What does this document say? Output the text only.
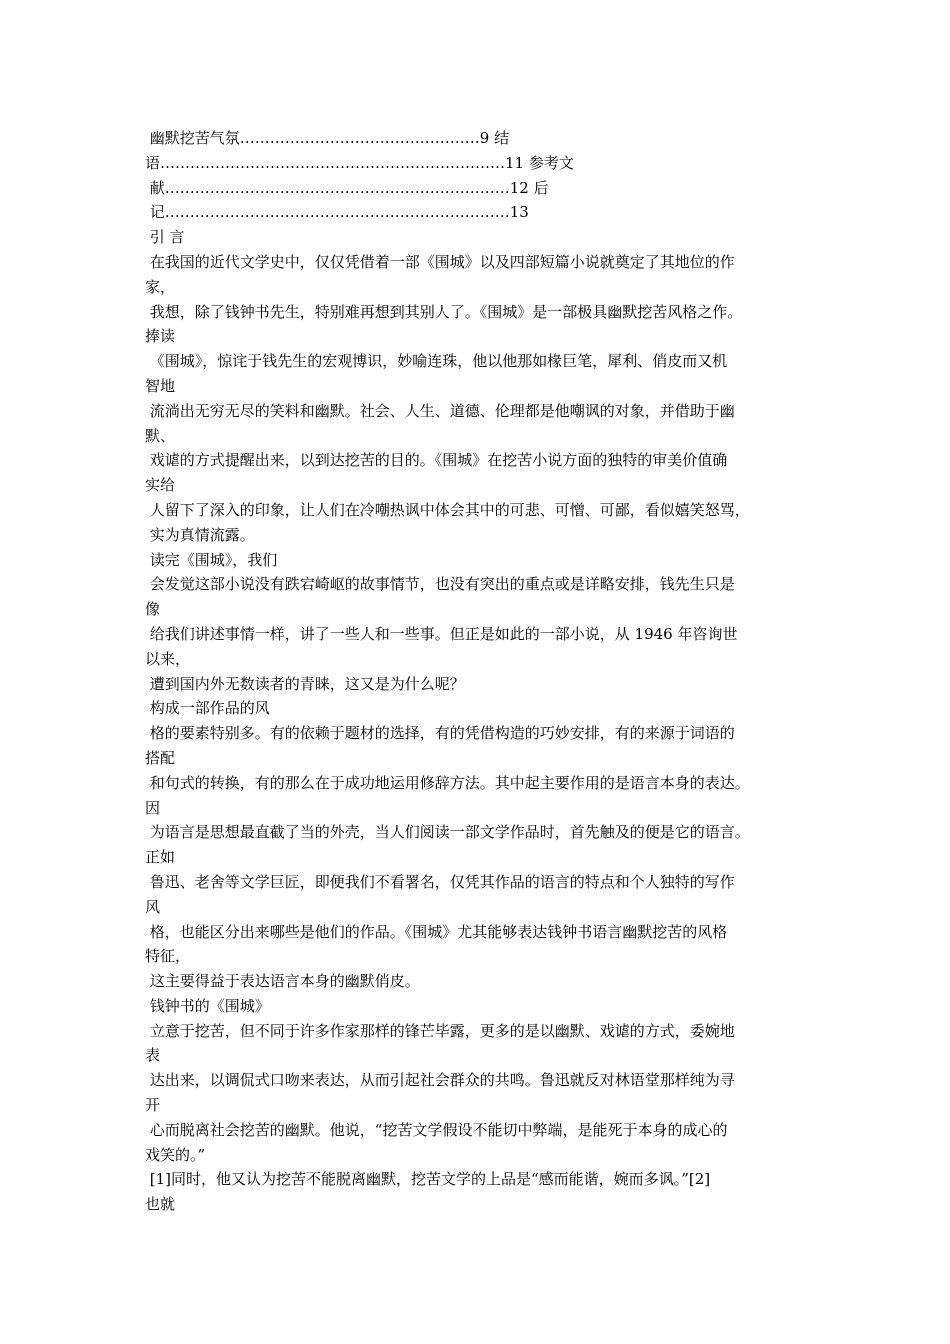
幽默挖苦气氛…………………………………………9 结
语……………………………………………………………11 参考文
献……………………………………………………………12 后
记……………………………………………………………13
引 言
在我国的近代文学史中，仅仅凭借着一部《围城》以及四部短篇小说就奠定了其地位的作
家，
我想，除了钱钟书先生，特别难再想到其别人了。《围城》是一部极具幽默挖苦风格之作。
捧读
《围城》，惊诧于钱先生的宏观博识，妙喻连珠，他以他那如椽巨笔，犀利、俏皮而又机
智地
流淌出无穷无尽的笑料和幽默。社会、人生、道德、伦理都是他嘲讽的对象，并借助于幽
默、
戏谑的方式提醒出来，以到达挖苦的目的。《围城》在挖苦小说方面的独特的审美价值确
实给
人留下了深入的印象，让人们在冷嘲热讽中体会其中的可悲、可憎、可鄙，看似嬉笑怒骂，
实为真情流露。
读完《围城》，我们
会发觉这部小说没有跌宕崎岖的故事情节，也没有突出的重点或是详略安排，钱先生只是
像
给我们讲述事情一样，讲了一些人和一些事。但正是如此的一部小说，从 1946 年咨询世
以来，
遭到国内外无数读者的青睐，这又是为什么呢？
构成一部作品的风
格的要素特别多。有的依赖于题材的选择，有的凭借构造的巧妙安排，有的来源于词语的
搭配
和句式的转换，有的那么在于成功地运用修辞方法。其中起主要作用的是语言本身的表达。
因
为语言是思想最直截了当的外壳，当人们阅读一部文学作品时，首先触及的便是它的语言。
正如
鲁迅、老舍等文学巨匠，即便我们不看署名，仅凭其作品的语言的特点和个人独特的写作
风
格，也能区分出来哪些是他们的作品。《围城》尤其能够表达钱钟书语言幽默挖苦的风格
特征，
这主要得益于表达语言本身的幽默俏皮。
钱钟书的《围城》
立意于挖苦，但不同于许多作家那样的锋芒毕露，更多的是以幽默、戏谑的方式，委婉地
表
达出来，以调侃式口吻来表达，从而引起社会群众的共鸣。鲁迅就反对林语堂那样纯为寻
开
心而脱离社会挖苦的幽默。他说，“挖苦文学假设不能切中弊端，是能死于本身的成心的
戏笑的。”
[1]同时，他又认为挖苦不能脱离幽默，挖苦文学的上品是“感而能谐，婉而多讽。”[2]
也就
